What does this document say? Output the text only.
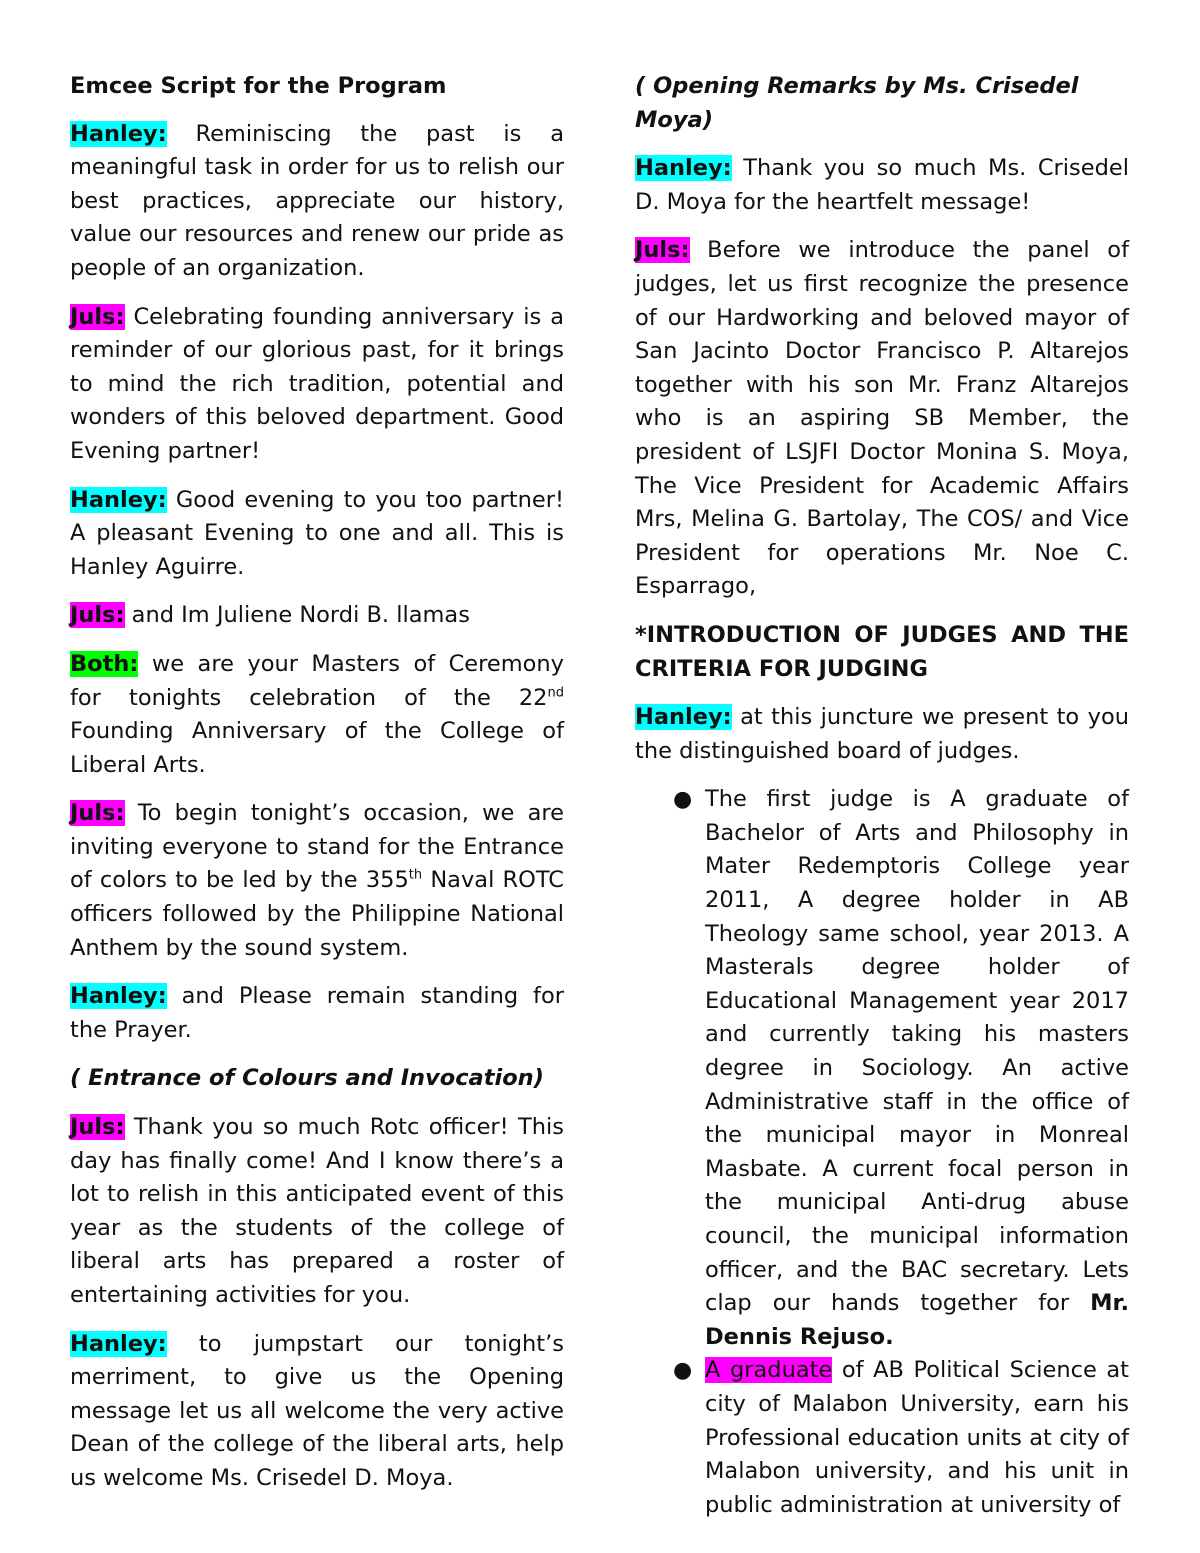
Emcee Script for the Program

Hanley: Reminiscing the past is a meaningful task in order for us to relish our best practices, appreciate our history, value our resources and renew our pride as people of an organization.

Juls: Celebrating founding anniversary is a reminder of our glorious past, for it brings to mind the rich tradition, potential and wonders of this beloved department. Good Evening partner!

Hanley: Good evening to you too partner! A pleasant Evening to one and all. This is Hanley Aguirre.

Juls: and Im Juliene Nordi B. llamas

Both: we are your Masters of Ceremony for tonights celebration of the 22nd Founding Anniversary of the College of Liberal Arts.

Juls: To begin tonight’s occasion, we are inviting everyone to stand for the Entrance of colors to be led by the 355th Naval ROTC officers followed by the Philippine National Anthem by the sound system.

Hanley: and Please remain standing for the Prayer.

( Entrance of Colours and Invocation)

Juls: Thank you so much Rotc officer! This day has finally come! And I know there’s a lot to relish in this anticipated event of this year as the students of the college of liberal arts has prepared a roster of entertaining activities for you.

Hanley: to jumpstart our tonight’s merriment, to give us the Opening message let us all welcome the very active Dean of the college of the liberal arts, help us welcome Ms. Crisedel D. Moya.

( Opening Remarks by Ms. Crisedel Moya)

Hanley: Thank you so much Ms. Crisedel D. Moya for the heartfelt message!

Juls: Before we introduce the panel of judges, let us first recognize the presence of our Hardworking and beloved mayor of San Jacinto Doctor Francisco P. Altarejos together with his son Mr. Franz Altarejos who is an aspiring SB Member, the president of LSJFI Doctor Monina S. Moya, The Vice President for Academic Affairs Mrs, Melina G. Bartolay, The COS/ and Vice President for operations Mr. Noe C. Esparrago,

*INTRODUCTION OF JUDGES AND THE CRITERIA FOR JUDGING

Hanley: at this juncture we present to you the distinguished board of judges.

● The first judge is A graduate of Bachelor of Arts and Philosophy in Mater Redemptoris College year 2011, A degree holder in AB Theology same school, year 2013. A Masterals degree holder of Educational Management year 2017 and currently taking his masters degree in Sociology. An active Administrative staff in the office of the municipal mayor in Monreal Masbate. A current focal person in the municipal Anti-drug abuse council, the municipal information officer, and the BAC secretary. Lets clap our hands together for Mr. Dennis Rejuso.
● A graduate of AB Political Science at city of Malabon University, earn his Professional education units at city of Malabon university, and his unit in public administration at university of
